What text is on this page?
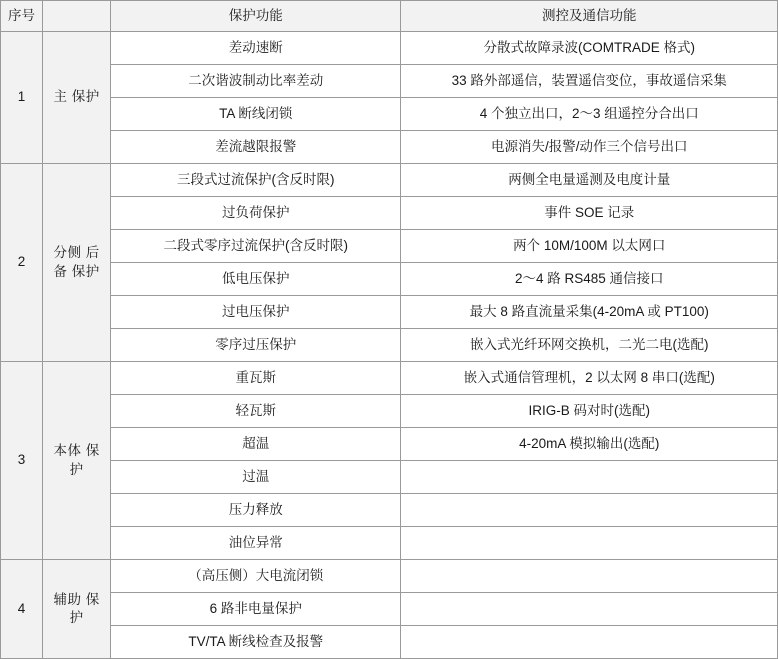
序号		保护功能	测控及通信功能
1	主 保护	差动速断	分散式故障录波(COMTRADE 格式)
		二次谐波制动比率差动	33 路外部遥信，装置遥信变位，事故遥信采集
		TA 断线闭锁	4 个独立出口，2～3 组遥控分合出口
		差流越限报警	电源消失/报警/动作三个信号出口
2	分侧 后备 保护	三段式过流保护(含反时限)	两侧全电量遥测及电度计量
		过负荷保护	事件 SOE 记录
		二段式零序过流保护(含反时限)	两个 10M/100M 以太网口
		低电压保护	2～4 路 RS485 通信接口
		过电压保护	最大 8 路直流量采集(4-20mA 或 PT100)
		零序过压保护	嵌入式光纤环网交换机，二光二电(选配)
3	本体 保护	重瓦斯	嵌入式通信管理机，2 以太网 8 串口(选配)
		轻瓦斯	IRIG-B 码对时(选配)
		超温	4-20mA 模拟输出(选配)
		过温	
		压力释放	
		油位异常	
4	辅助 保护	（高压侧）大电流闭锁	
		6 路非电量保护	
		TV/TA 断线检查及报警	
